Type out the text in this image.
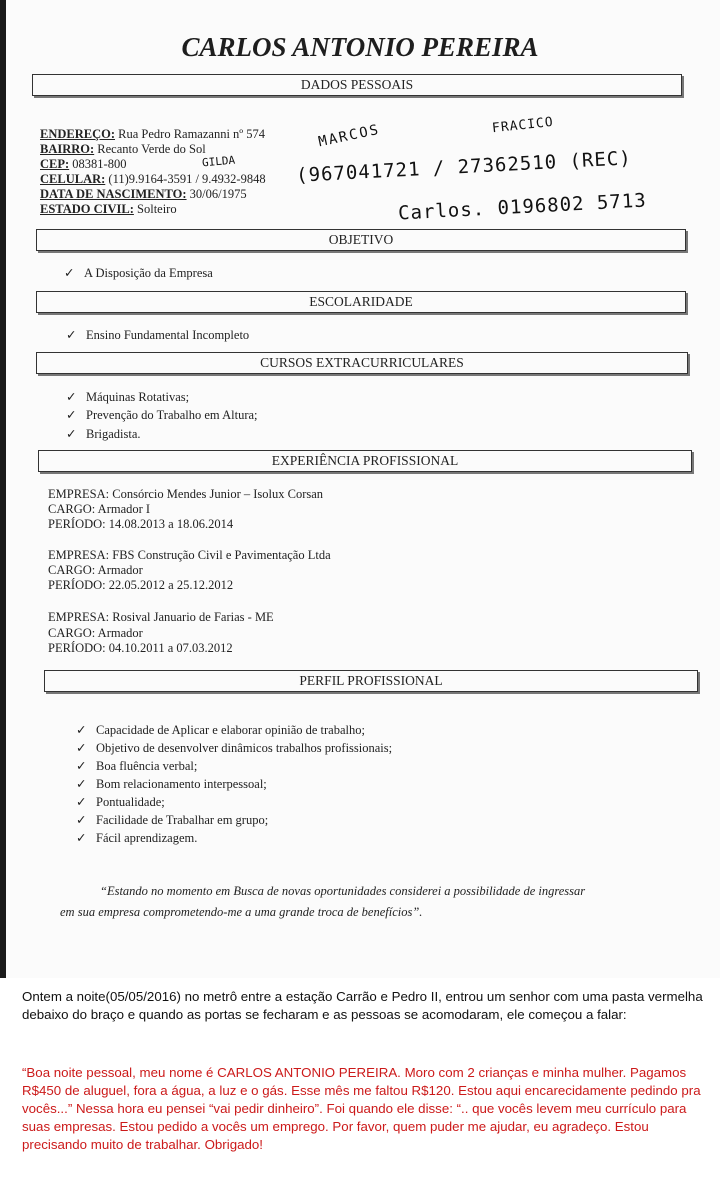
CARLOS ANTONIO PEREIRA
DADOS PESSOAIS
ENDEREÇO: Rua Pedro Ramazanni nº 574
BAIRRO: Recanto Verde do Sol
CEP: 08381-800
CELULAR: (11)9.9164-3591 / 9.4932-9848
DATA DE NASCIMENTO: 30/06/1975
ESTADO CIVIL: Solteiro
MARCOS	FRACICO
GILDA	(967041721 / 27362510 (REC)
Carlos. 0196802 5713
OBJETIVO
✓ A Disposição da Empresa
ESCOLARIDADE
✓ Ensino Fundamental Incompleto
CURSOS EXTRACURRICULARES
✓ Máquinas Rotativas;
✓ Prevenção do Trabalho em Altura;
✓ Brigadista.
EXPERIÊNCIA PROFISSIONAL
EMPRESA: Consórcio Mendes Junior – Isolux Corsan
CARGO: Armador I
PERÍODO: 14.08.2013 a 18.06.2014
EMPRESA: FBS Construção Civil e Pavimentação Ltda
CARGO: Armador
PERÍODO: 22.05.2012 a 25.12.2012
EMPRESA: Rosival Januario de Farias - ME
CARGO: Armador
PERÍODO: 04.10.2011 a 07.03.2012
PERFIL PROFISSIONAL
✓ Capacidade de Aplicar e elaborar opinião de trabalho;
✓ Objetivo de desenvolver dinâmicos trabalhos profissionais;
✓ Boa fluência verbal;
✓ Bom relacionamento interpessoal;
✓ Pontualidade;
✓ Facilidade de Trabalhar em grupo;
✓ Fácil aprendizagem.
“Estando no momento em Busca de novas oportunidades considerei a possibilidade de ingressar
em sua empresa comprometendo-me a uma grande troca de benefícios”.
Ontem a noite(05/05/2016) no metrô entre a estação Carrão e Pedro II, entrou um senhor com uma pasta vermelha debaixo do braço e quando as portas se fecharam e as pessoas se acomodaram, ele começou a falar:
“Boa noite pessoal, meu nome é CARLOS ANTONIO PEREIRA. Moro com 2 crianças e minha mulher. Pagamos R$450 de aluguel, fora a água, a luz e o gás. Esse mês me faltou R$120. Estou aqui encarecidamente pedindo pra vocês...” Nessa hora eu pensei “vai pedir dinheiro”. Foi quando ele disse: “.. que vocês levem meu currículo para suas empresas. Estou pedido a vocês um emprego. Por favor, quem puder me ajudar, eu agradeço. Estou precisando muito de trabalhar. Obrigado!
